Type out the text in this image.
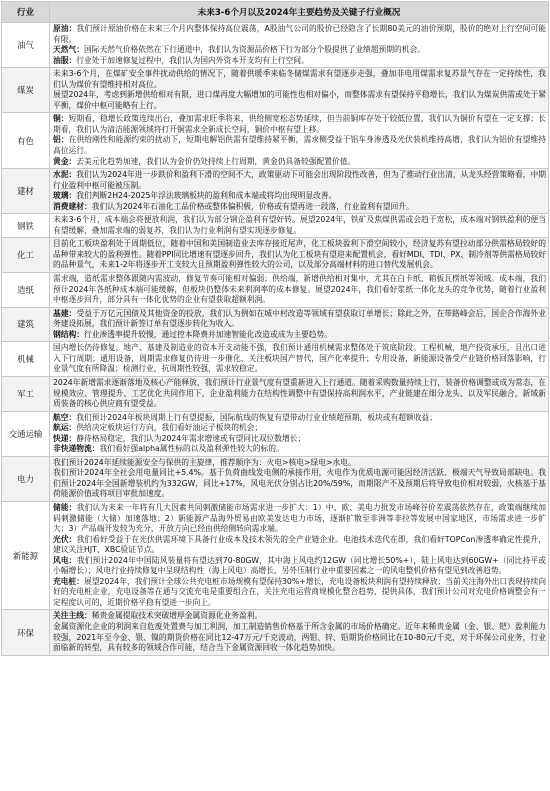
行业	未来3-6个月以及2024年主要趋势及关键子行业概况
油气	原油：我们预计原油价格在未来三个月内整体保持高位震荡，A股油气公司的股价已经隐含了长期80美元的油价预期，股价的绝对上行空间可能有限。

天然气：国际天然气价格依然在下行通道中，我们认为资源品价格下行为部分个股提供了业绩超预期的机会。

油服：行业处于加速修复过程中，我们认为国内外资本开支均有上行空间。

煤炭	未来3-6个月，在煤矿安全事件扰动供给的情况下，随着供暖季来临冬储煤需求有望逐步走强，叠加非电用煤需求复苏景气存在一定持续性，我们认为煤价有望维持相对高位。

展望2024年，考虑到新增供给相对有限，进口煤再度大幅增加的可能性也相对偏小，而整体需求有望保持平稳增长，我们认为煤炭供需或处于紧平衡，煤价中枢可能略有上行。

有色	铜：短期看，稳增长政策连续出台，叠加需求旺季将来，供给侧宽松态势延续，但当前铜库存处于较低位置，我们认为铜价有望在一定支撑；长期看，我们认为清洁能源领域将打开铜需求全新成长空间，铜价中枢有望上移。

铝：在供给刚性和能源约束的扰动下，短期电解铝供需有望维持紧平衡，需求侧受益于铝车身渗透及光伏装机维持高增，我们认为铝价有望维持高位运行。

黄金：去美元化趋势加速，我们认为金价仍处持续上行周期，黄金仍具备较强配置价值。

建材	水泥：我们认为2024年进一步跌价和盈利下滑的空间不大，政策驱动下可能会出现阶段性改善，但为了推动行业出清，从龙头经营策略看，中期行业盈利中枢可能被压制。

玻璃：我们判断2H24-2025年浮法玻璃板块的盈利和成本端或将均出现明显改善。

消费建材：我们认为2024年石油化工品价格或整体偏积极，价格或有望再进一段落，行业盈利有望回升。

钢铁	未来3-6个月，成本端会将便放利润，我们认为部分钢企盈利有望好转。展望2024年，铁矿及焦煤供需或会趋于宽松，成本端对钢铁盈利的便当有望缓解，叠加需求端的弱复苏，我们认为行业利润有望实现逐步修复。

化工	目前化工板块盈利处于周期低位，随着中国和美国制造业去库存接近尾声，化工板块盈利下滑空间较小，经济复苏有望拉动部分供需格局较好的品种带来较大的盈利弹性。随着PPI同比增速有望逐步回升，我们认为化工板块有望迎来配置机会，看好MDI、TDI、PX、制冷剂等供需格局较好的品种景气，未来1-2年将逐步开工支较大且预期盈利弹性较大的公司，以及部分高端材料的进口替代发展机会。

造纸	需求端，造纸需求整体跟随内需波动，修复节奏可能相对偏弱；供给端，新增供给相对集中，尤其在白卡纸、箱板瓦楞纸等领域。成本端，我们预计2024年各纸种成本端可能缓解，但板块仍整体未来利润率的成本修复。展望2024年，我们看好浆纸一体化龙头的竞争优势，随着行业盈利中枢逐步回升，部分具有一体化优势的企业有望获取超额利润。

建筑	基建：受益于万亿元国债及其他资金的投放，我们认为例如在城中村改造等领域有望获取订单增长；除此之外，在带路峰会后，国企合作海外业务建设拓展，我们预计新签订单有望逐步转化为收入。

钢结构：行业渗透率提升较慢，通过控本降费并加速智能化改造或成为主要趋势。

机械	国内增长仍待修复，地产、基建及制造业的资本开支动能不强，我们预计通用机械需求整体处于筑底阶段。工程机械，地产投资承压，且出口进入下行周期；通用设备，周期需求修复仍待进一步催化，关注板块国产替代，国产化率提升；专用设备，新能源设备受产业链价格回落影响，行业景气度有所降温；检测行业，抗周期性较强，需求较稳定。

军工	2024年新增需求逐渐落地及核心产能释放，我们预计行业景气度有望重新进入上行通道。随着采购数量持续上行，装备价格调整或成为常态，在规模效应、管理提升、工艺优化共同作用下，企业盈利能力在结构性调整中有望保持高利润水平，产业链建在细分龙头、以及军民融合，新域新质装备的核心供应商有望受益。

交通运输	航空：我们预计2024年板块周期上行有望提振，国际航线的恢复有望带动行业业绩超预期，板块或有超额收益；

航运：供给决定板块运行方向，我们看好油运子板块的机会；

快递：静待格局稳定，我们认为2024年需求增速或有望同比双位数增长；

非快递物流：我们看好强alpha属性标的以及盈利弹性较大的标的。

电力	我们预计2024年延续能源安全与保供的主旋律，推荐顺序为：火电>核电>绿电>水电。

我们预计2024年全社会用电量同比+5.4%。基于负荷曲线发电侧的承接作用，火电作为优质电源可能因经济活跃、极端天气导致局部缺电。我们预计2024年全国新增装机约为332GW，同比+17%，风电光伏分别占比20%/59%，而期限产不及预期后将导致电价相对较弱，火核基于基荷能源价值或将项目审批加速度。

新能源	储能：我们认为未来一年将有几大因素共同刺激储能市场需求进一步扩大：1）中、欧、美电力批发市场峰谷价差震荡依然存在，政策端继续加码刺激储能（大储）加速落地；2）新能源产品海外贸易由欧美发达电力市场，逐渐扩散至非洲等非拉等发展中国家地区，市场需求进一步扩大；3）产品端开发较为充分，开放方向已经由供给侧转向需求端。

光伏：我们看好受益于在光伏供需环境下具备行业成本及技术领先的全产业链企业。电池技术迭代在即，我们看好TOPCon渗透率确定性提升，建议关注HJT、XBC验证节点。

风电：我们预计2024年中国陆风装量将有望达到70-80GW，其中海上风电约12GW（同比增长50%+），陆上风电达到60GW+（同比持平或小幅增长）；风电行业持续修复中呈现结构性（海上风电）高增长，另外压制行业中重要因素之一的风电整机价格有望见到改善趋势。

充电桩：展望2024年，我们预计全球公共充电桩市场规模有望保持30%+增长，充电设备板块利润有望持续释放；当前关注海外出口表现持续向好的充电桩企业，充电设备等在通与交流充电是重要组合在，关注充电运营商规模化整合趋势，提供具体，我们预计公司对充电价格调整会有一定程度认可的，近期价格平稳有望进一步向上。

环保	关注主线：稀贵金属提取技术突破增厚金属资源化业务盈利。

金属资源化企业的利润来自危废处置费与加工利润，加工制造销售价格基于所含金属的市场价格确定。近年来稀贵金属（金、银、钯）盈利能力较强，2021年至今金、银、镍的期货价格在同比12-47万元/千克波动，两钼、锌、铅期货价格同比在10-80元/千克，对于环保公司业务，行业面临新的转型，具有较多的领域合作可能，结合当下金属资源回收一体化趋势加快。
